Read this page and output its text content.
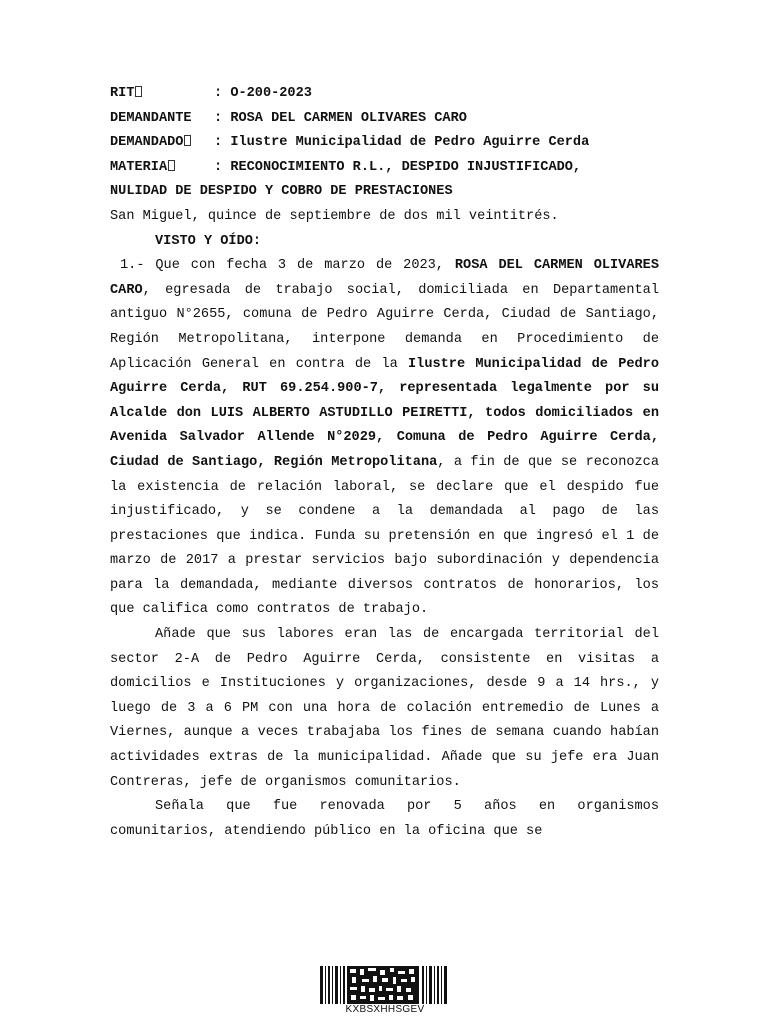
RIT	: O-200-2023
DEMANDANTE : ROSA DEL CARMEN OLIVARES CARO
DEMANDADO	: Ilustre Municipalidad de Pedro Aguirre Cerda
MATERIA	: RECONOCIMIENTO R.L., DESPIDO INJUSTIFICADO,
NULIDAD DE DESPIDO Y COBRO DE PRESTACIONES
San Miguel, quince de septiembre de dos mil veintitrés.
VISTO Y OÍDO:

1.- Que con fecha 3 de marzo de 2023, ROSA DEL CARMEN OLIVARES CARO, egresada de trabajo social, domiciliada en Departamental antiguo N°2655, comuna de Pedro Aguirre Cerda, Ciudad de Santiago, Región Metropolitana, interpone demanda en Procedimiento de Aplicación General en contra de la Ilustre Municipalidad de Pedro Aguirre Cerda, RUT 69.254.900-7, representada legalmente por su Alcalde don LUIS ALBERTO ASTUDILLO PEIRETTI, todos domiciliados en Avenida Salvador Allende N°2029, Comuna de Pedro Aguirre Cerda, Ciudad de Santiago, Región Metropolitana, a fin de que se reconozca la existencia de relación laboral, se declare que el despido fue injustificado, y se condene a la demandada al pago de las prestaciones que indica. Funda su pretensión en que ingresó el 1 de marzo de 2017 a prestar servicios bajo subordinación y dependencia para la demandada, mediante diversos contratos de honorarios, los que califica como contratos de trabajo.

Añade que sus labores eran las de encargada territorial del sector 2-A de Pedro Aguirre Cerda, consistente en visitas a domicilios e Instituciones y organizaciones, desde 9 a 14 hrs., y luego de 3 a 6 PM con una hora de colación entremedio de Lunes a Viernes, aunque a veces trabajaba los fines de semana cuando habían actividades extras de la municipalidad. Añade que su jefe era Juan Contreras, jefe de organismos comunitarios.

Señala que fue renovada por 5 años en organismos comunitarios, atendiendo público en la oficina que se

KXBSXHHSGEV
